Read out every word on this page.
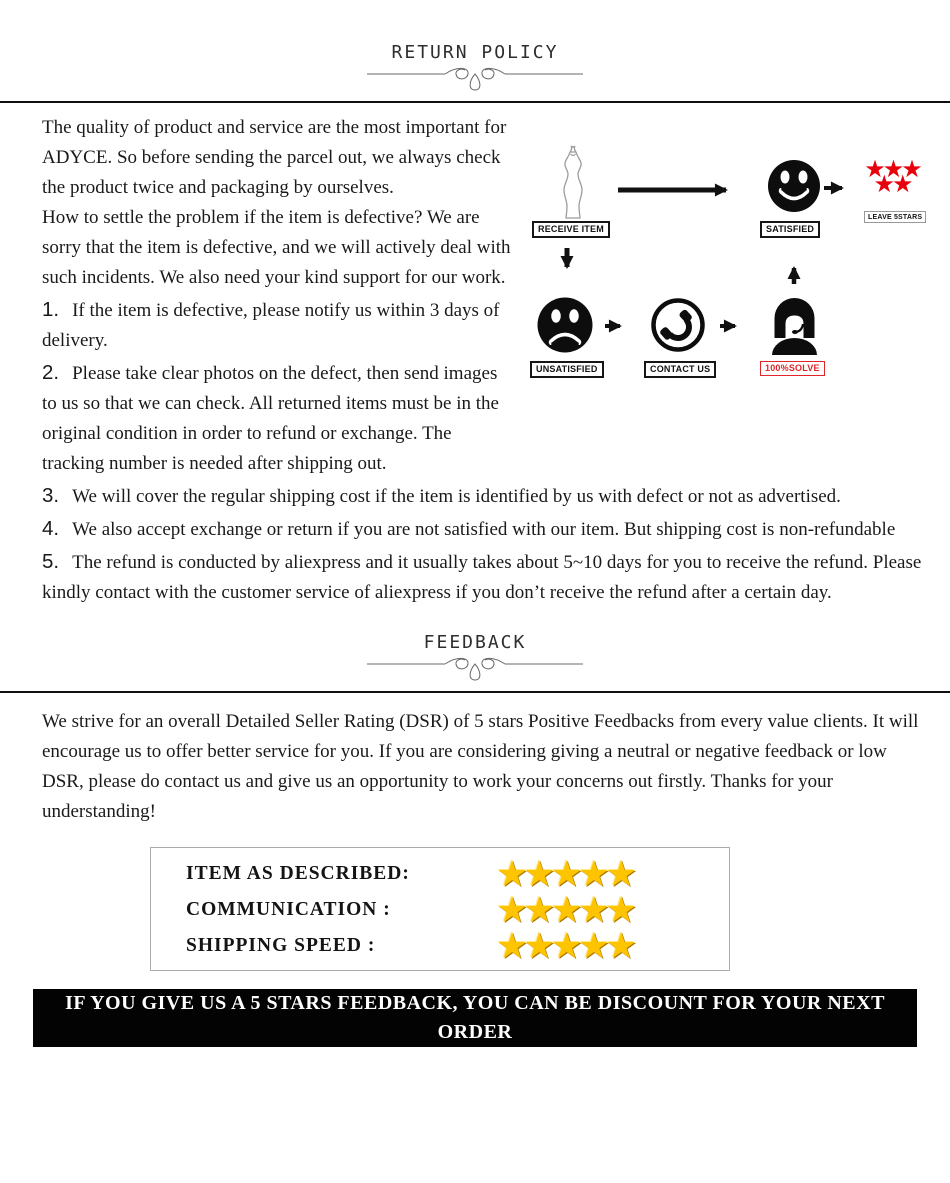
RETURN POLICY
★★★
★★
RECEIVE ITEM	SATISFIED
LEAVE 5STARS
UNSATISFIED	CONTACT US	100%SOLVE

The quality of product and service are the most important for ADYCE. So before sending the parcel out, we always check the product twice and packaging by ourselves.

How to settle the problem if the item is defective? We are sorry that the item is defective, and we will actively deal with such incidents. We also need your kind support for our work.

1. If the item is defective, please notify us within 3 days of delivery.
2. Please take clear photos on the defect, then send images to us so that we can check. All returned items must be in the original condition in order to refund or exchange. The tracking number is needed after shipping out.
3. We will cover the regular shipping cost if the item is identified by us with defect or not as advertised.
4. We also accept exchange or return if you are not satisfied with our item. But shipping cost is non-refundable
5. The refund is conducted by aliexpress and it usually takes about 5~10 days for you to receive the refund. Please kindly contact with the customer service of aliexpress if you don’t receive the refund after a certain day.
FEEDBACK

We strive for an overall Detailed Seller Rating (DSR) of 5 stars Positive Feedbacks from every value clients. It will encourage us to offer better service for you. If you are considering giving a neutral or negative feedback or low DSR, please do contact us and give us an opportunity to work your concerns out firstly. Thanks for your understanding!

ITEM AS DESCRIBED:	★★★★★
COMMUNICATION :	★★★★★
SHIPPING SPEED :	★★★★★
IF YOU GIVE US A 5 STARS FEEDBACK, YOU CAN BE DISCOUNT FOR YOUR NEXT ORDER
